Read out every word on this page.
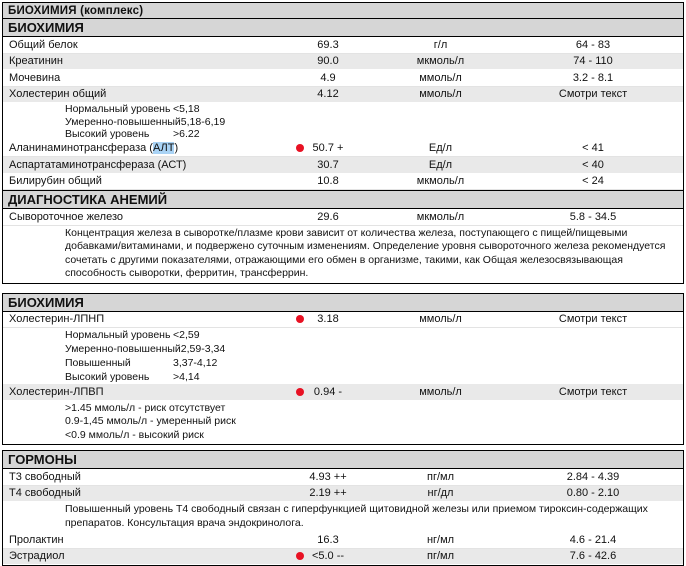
БИОХИМИЯ (комплекс)
БИОХИМИЯ
Общий белок	69.3	г/л	64 - 83
Креатинин	90.0	мкмоль/л	74 - 110
Мочевина	4.9	ммоль/л	3.2 - 8.1
Холестерин общий	4.12	ммоль/л	Смотри текст
Нормальный уровень <5,18
Умеренно-повышенный 5,18-6,19
Высокий уровень	>6.22
Аланинаминотрансфераза (АЛТ)	50.7 +	Ед/л	< 41
Аспартатаминотрансфераза (АСТ)	30.7	Ед/л	< 40
Билирубин общий	10.8	мкмоль/л	< 24
ДИАГНОСТИКА АНЕМИЙ
Сывороточное железо	29.6	мкмоль/л	5.8 - 34.5
Концентрация железа в сыворотке/плазме крови зависит от количества железа, поступающего с пищей/пищевыми
добавками/витаминами, и подвержено суточным изменениям. Определение уровня сывороточного железа рекомендуется
сочетать с другими показателями, отражающими его обмен в организме, такими, как Общая железосвязывающая
способность сыворотки, ферритин, трансферрин.
БИОХИМИЯ
Холестерин-ЛПНП	3.18	ммоль/л	Смотри текст
Нормальный уровень <2,59
Умеренно-повышенный 2,59-3,34
Повышенный	3,37-4,12
Высокий уровень	>4,14
Холестерин-ЛПВП	0.94 -	ммоль/л	Смотри текст
>1.45 ммоль/л - риск отсутствует
0.9-1,45 ммоль/л - умеренный риск
<0.9 ммоль/л - высокий риск
ГОРМОНЫ
Т3 свободный	4.93 ++	пг/мл	2.84 - 4.39
Т4 свободный	2.19 ++	нг/дл	0.80 - 2.10
Повышенный уровень Т4 свободный связан с гиперфункцией щитовидной железы или приемом тироксин-содержащих
препаратов. Консультация врача эндокринолога.
Пролактин	16.3	нг/мл	4.6 - 21.4
Эстрадиол	<5.0 --	пг/мл	7.6 - 42.6
